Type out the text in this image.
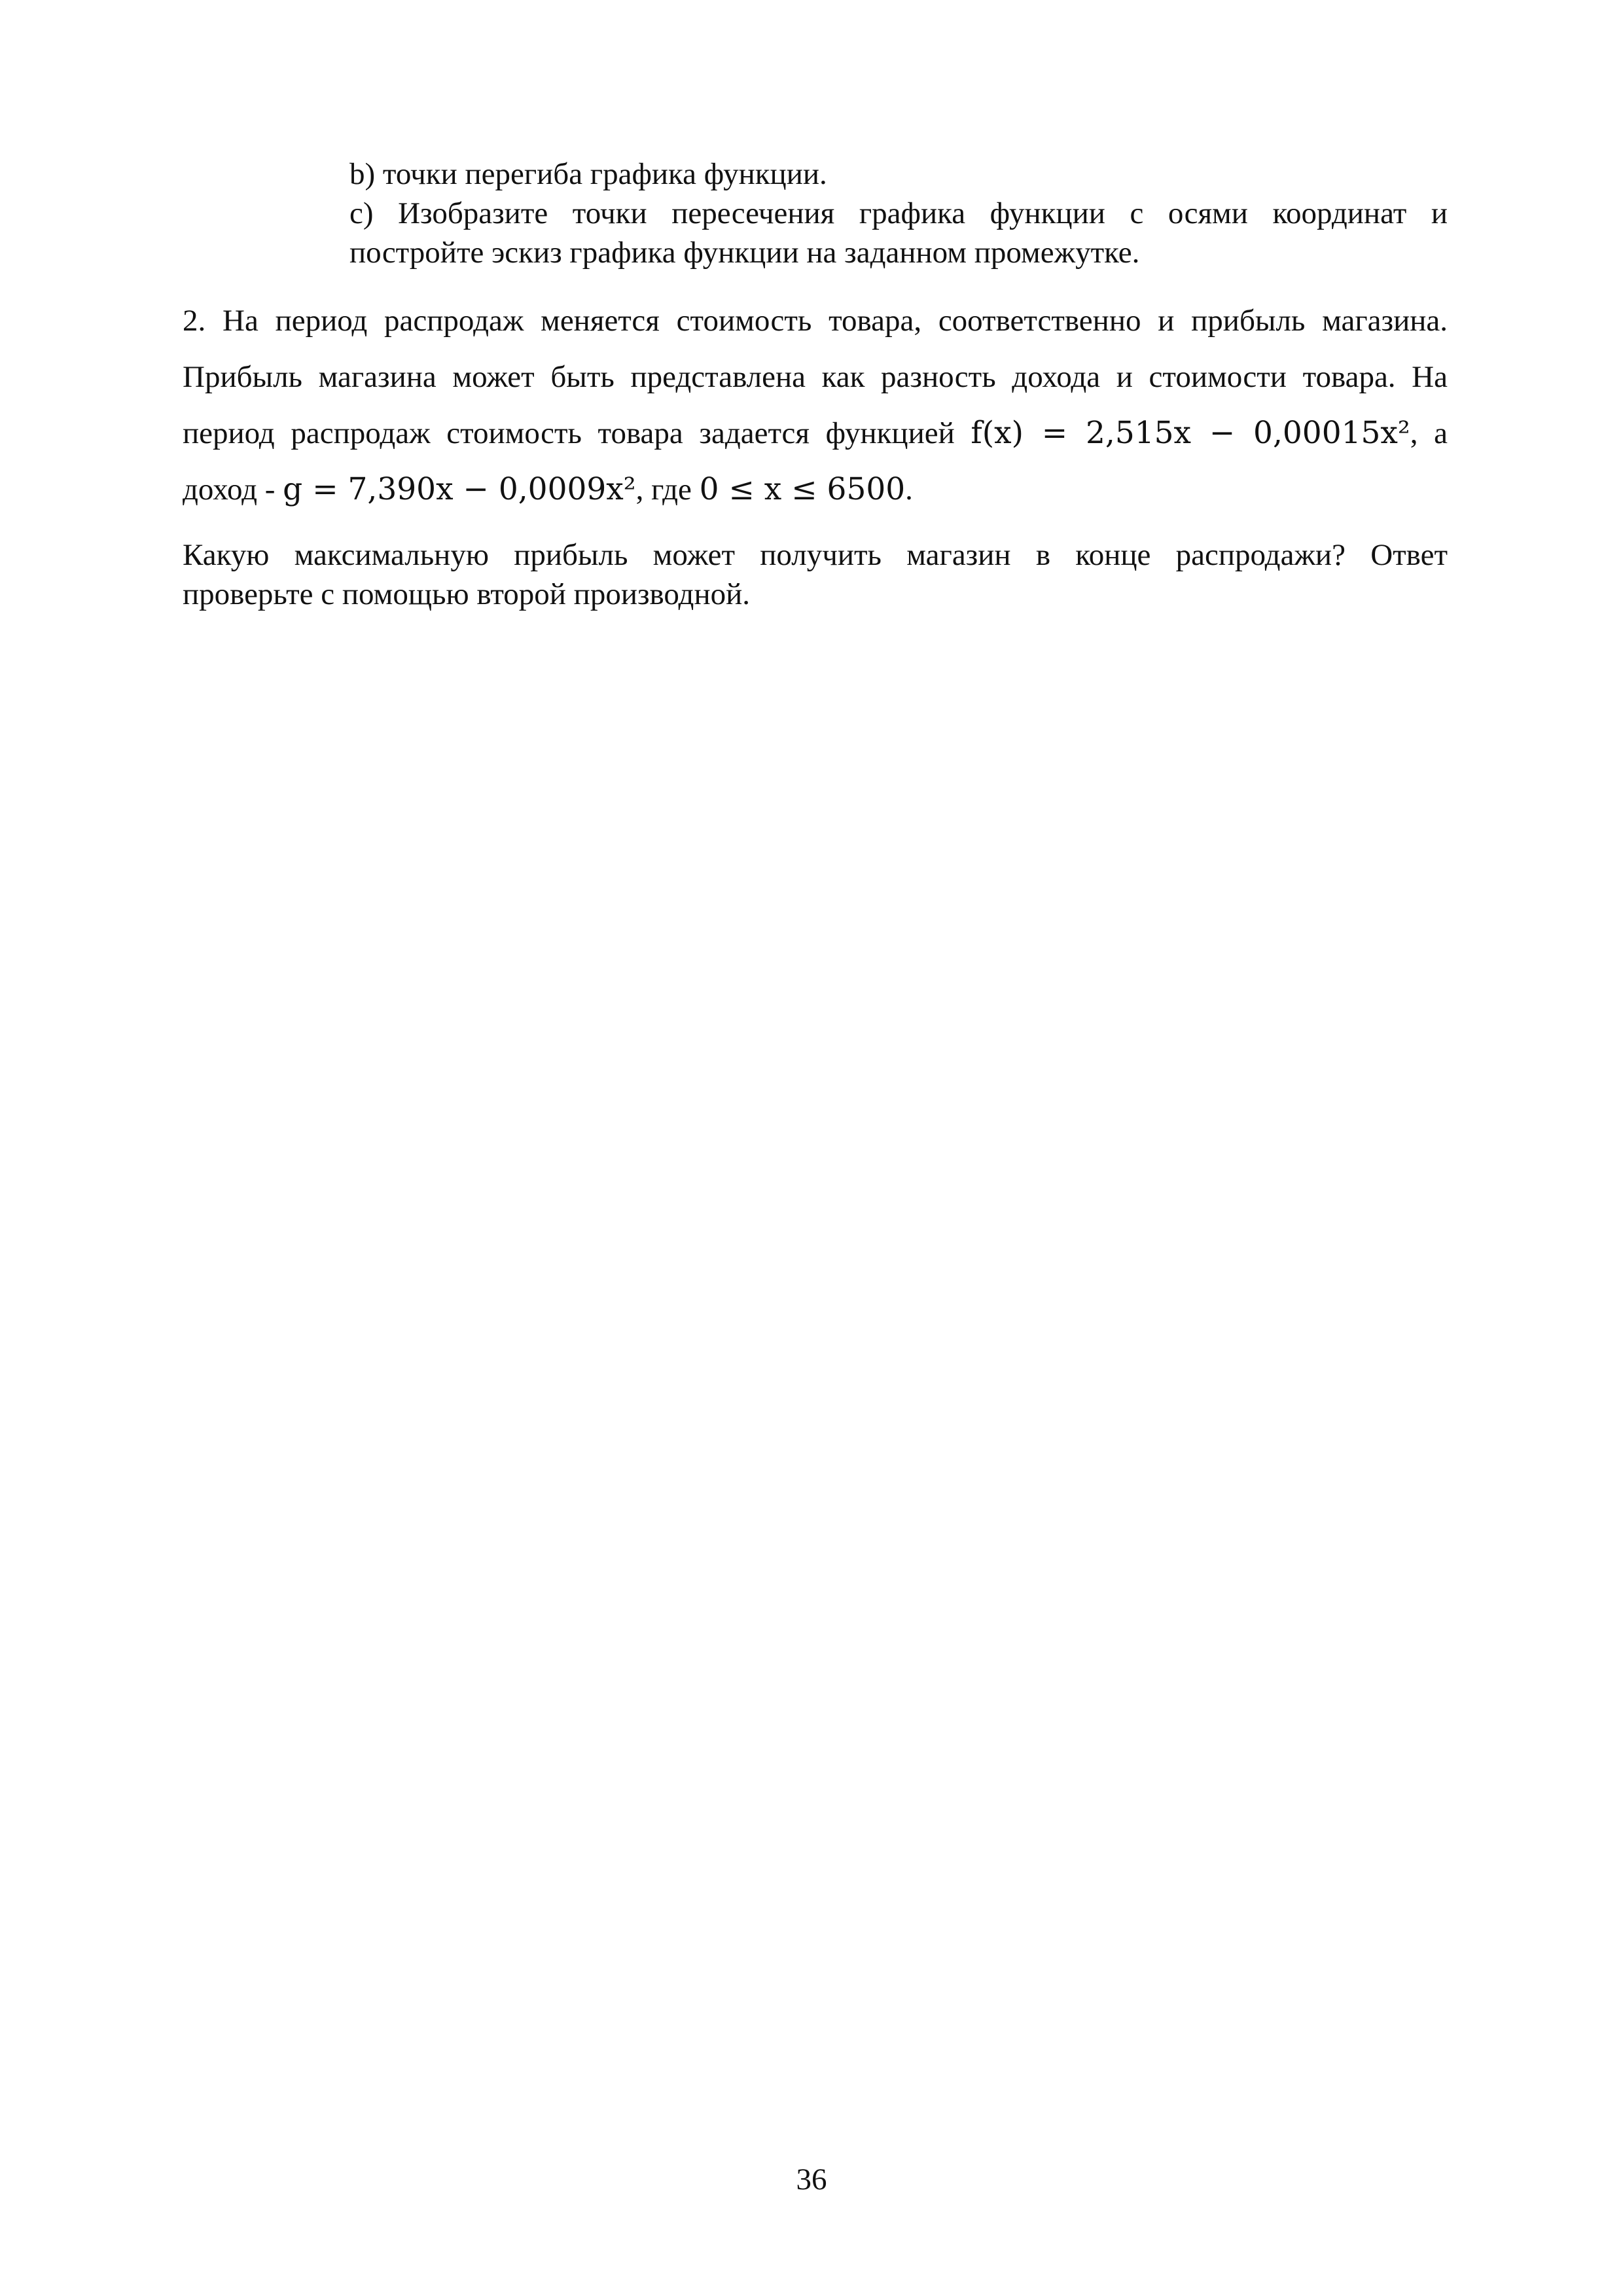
b) точки перегиба графика функции.
c) Изобразите точки пересечения графика функции с осями координат и
постройте эскиз графика функции на заданном промежутке.
2. На период распродаж меняется стоимость товара, соответственно и прибыль магазина.
Прибыль магазина может быть представлена как разность дохода и стоимости товара. На
период распродаж стоимость товара задается функцией f(x) = 2,515x − 0,00015x², а
доход - g = 7,390x − 0,0009x², где 0 ≤ x ≤ 6500.
Какую максимальную прибыль может получить магазин в конце распродажи? Ответ
проверьте с помощью второй производной.
36
